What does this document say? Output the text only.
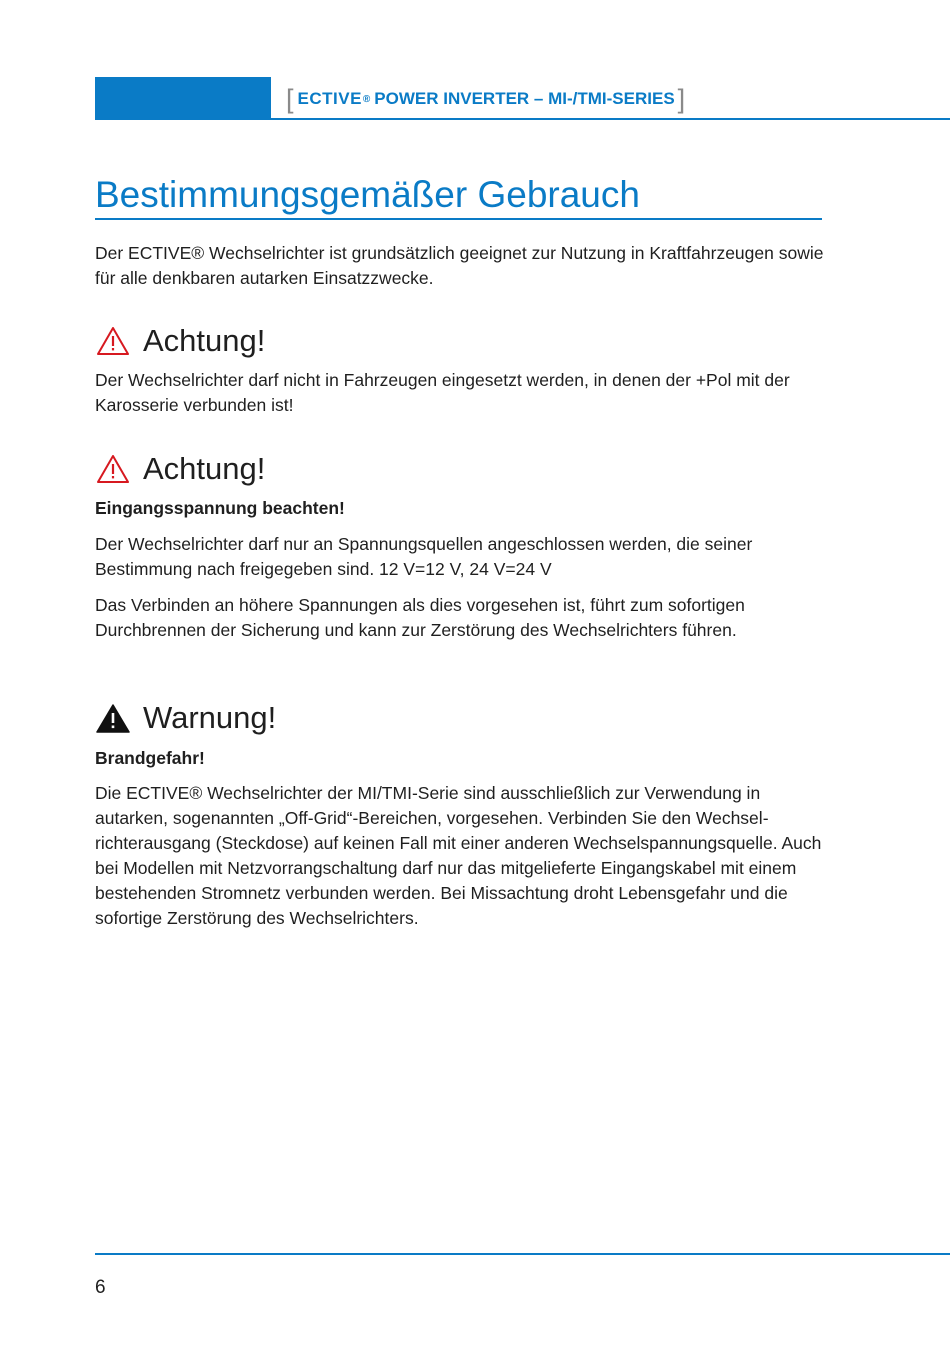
[ ECTIVE ® POWER INVERTER – MI-/TMI-SERIES ]
Bestimmungsgemäßer Gebrauch

Der ECTIVE® Wechselrichter ist grundsätzlich geeignet zur Nutzung in Kraftfahrzeugen sowie für alle denkbaren autarken Einsatzzwecke.

Achtung!

Der Wechselrichter darf nicht in Fahrzeugen eingesetzt werden, in denen der +Pol mit der Karosserie verbunden ist!

Achtung!

Eingangsspannung beachten!

Der Wechselrichter darf nur an Spannungsquellen angeschlossen werden, die seiner Bestimmung nach freigegeben sind. 12 V=12 V, 24 V=24 V

Das Verbinden an höhere Spannungen als dies vorgesehen ist, führt zum sofortigen Durchbrennen der Sicherung und kann zur Zerstörung des Wechselrichters führen.

Warnung!

Brandgefahr!

Die ECTIVE® Wechselrichter der MI/TMI-Serie sind ausschließlich zur Verwendung in autarken, sogenannten „Off-Grid“-Bereichen, vorgesehen. Verbinden Sie den Wechselrichterausgang (Steckdose) auf keinen Fall mit einer anderen Wechselspannungsquelle. Auch bei Modellen mit Netzvorrangschaltung darf nur das mitgelieferte Eingangskabel mit einem bestehenden Stromnetz verbunden werden. Bei Missachtung droht Lebensgefahr und die sofortige Zerstörung des Wechselrichters.

6
